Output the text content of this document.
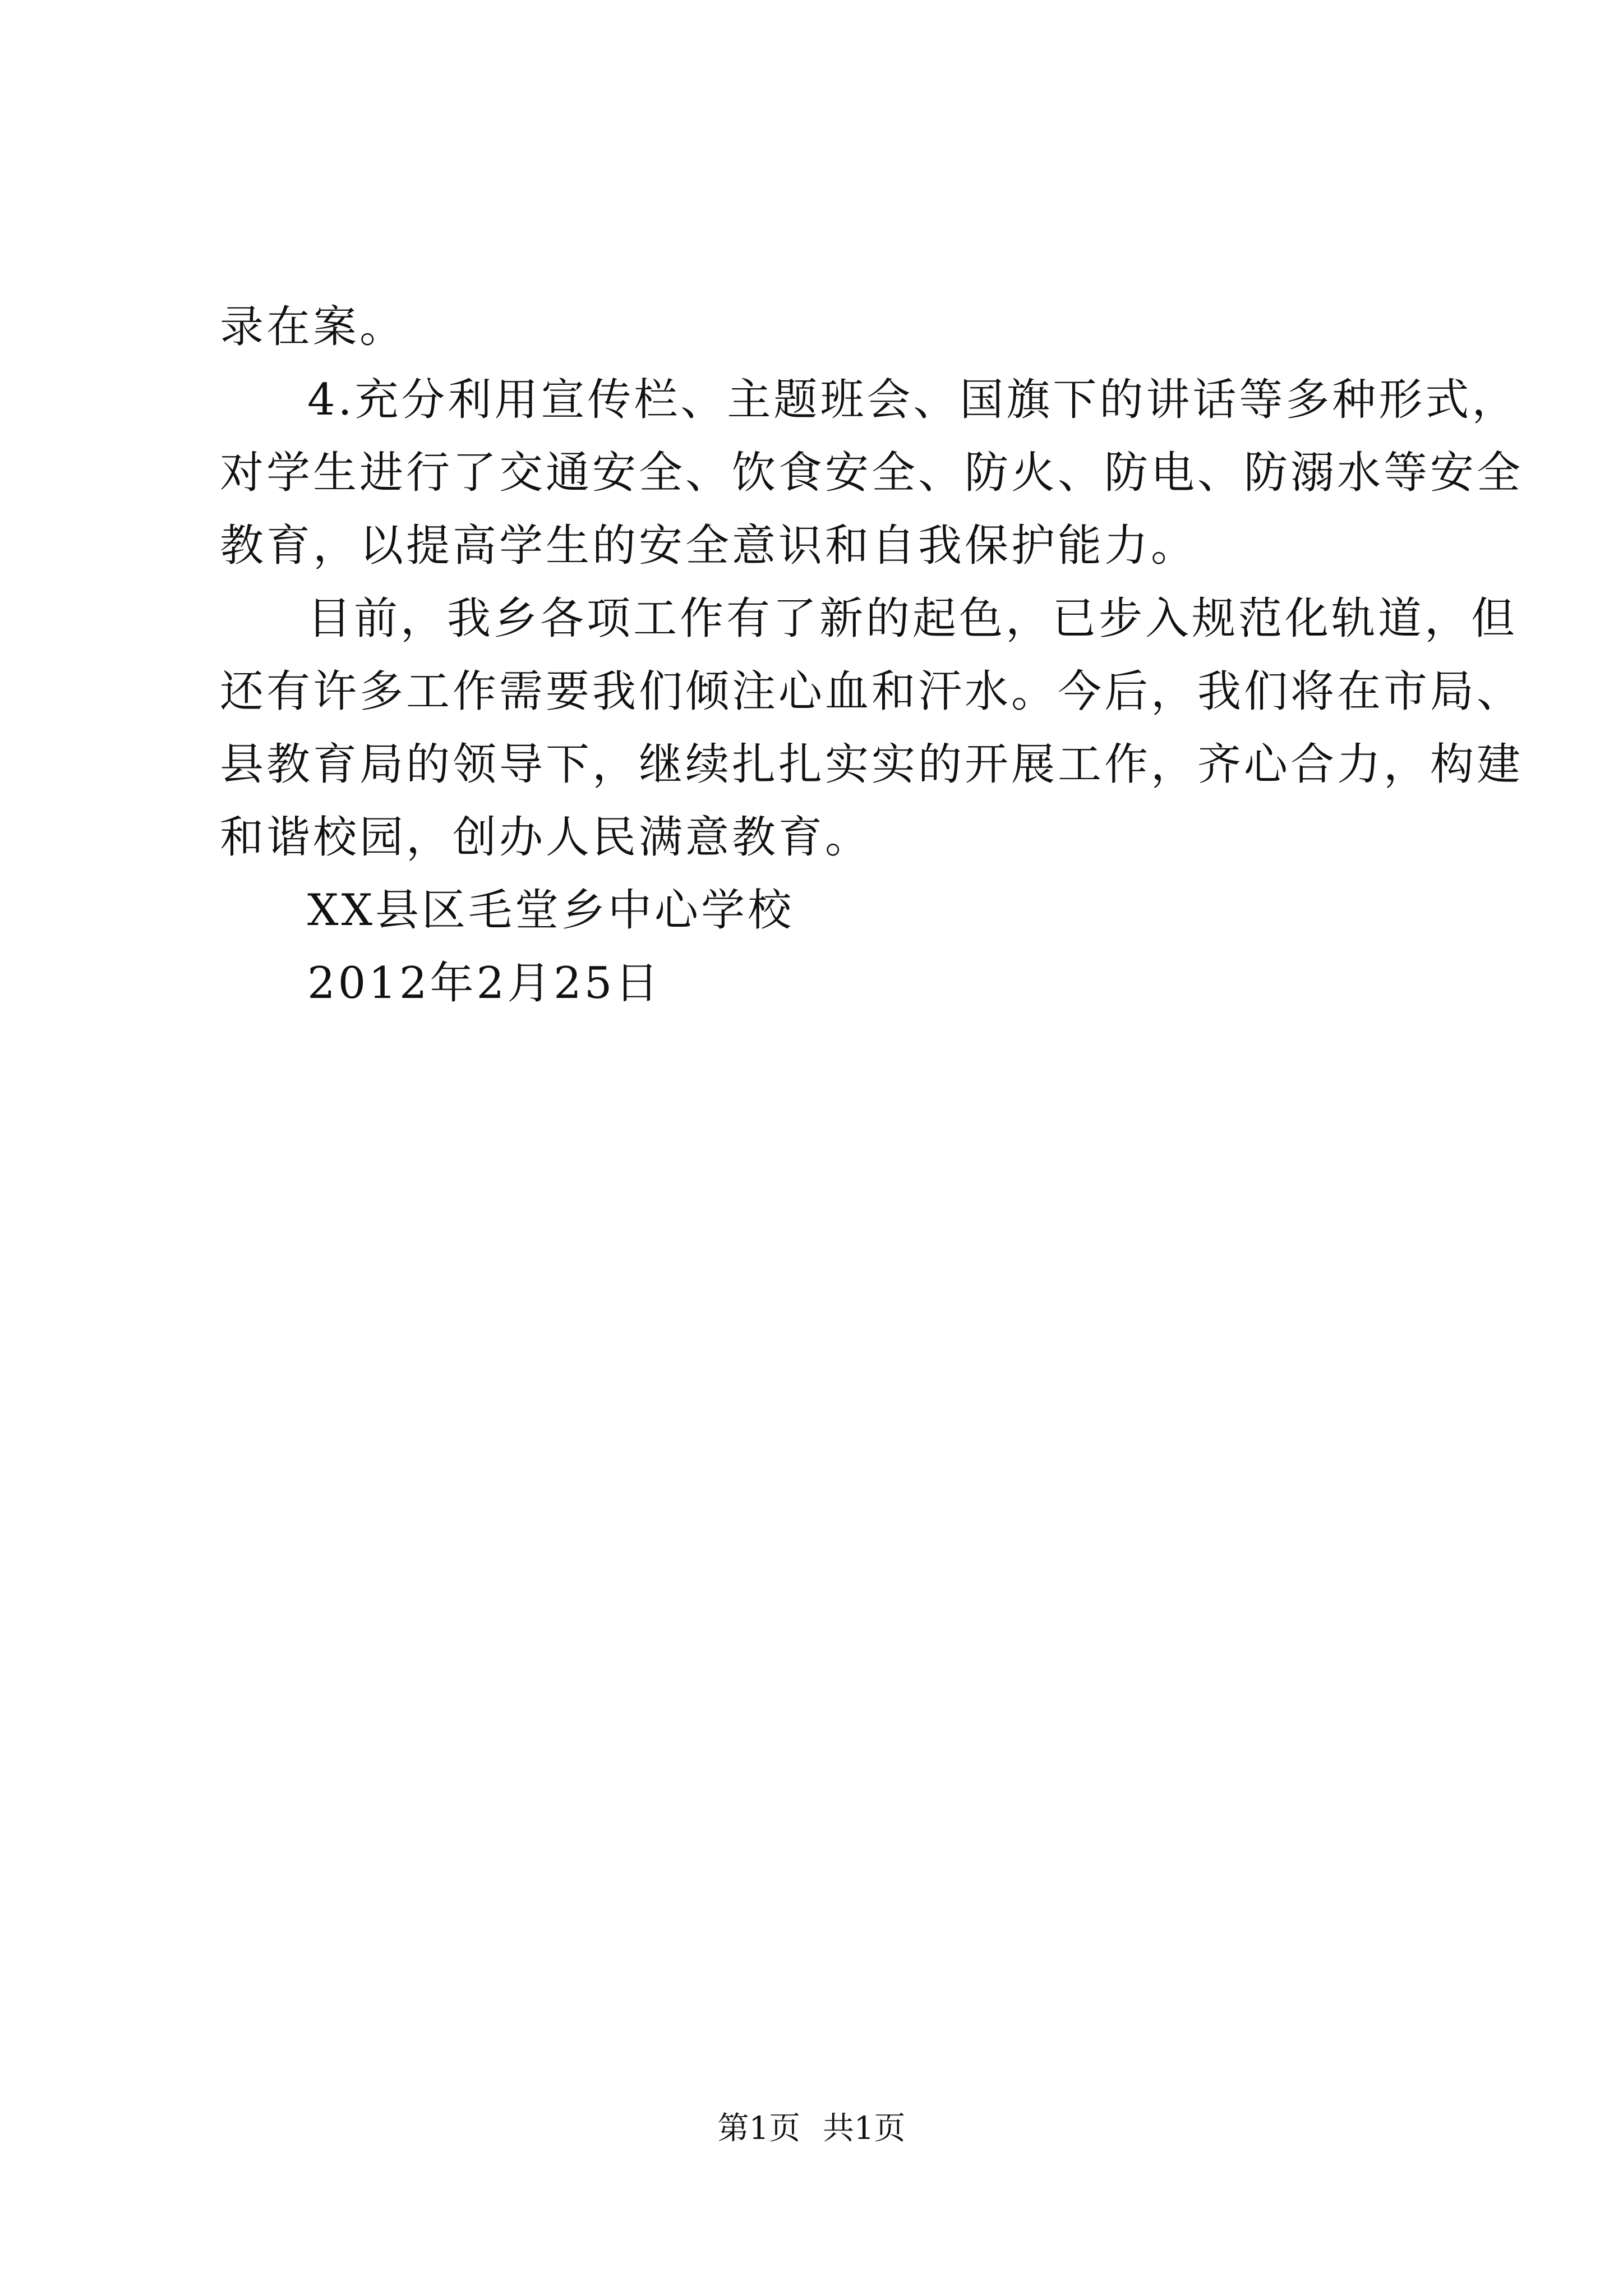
录在案。
4.充分利用宣传栏、主题班会、国旗下的讲话等多种形式，
对学生进行了交通安全、饮食安全、防火、防电、防溺水等安全
教育，以提高学生的安全意识和自我保护能力。
目前，我乡各项工作有了新的起色，已步入规范化轨道，但
还有许多工作需要我们倾注心血和汗水。今后，我们将在市局、
县教育局的领导下，继续扎扎实实的开展工作，齐心合力，构建
和谐校园，创办人民满意教育。
XX县区毛堂乡中心学校
2012年2月25日
第1页 共1页
